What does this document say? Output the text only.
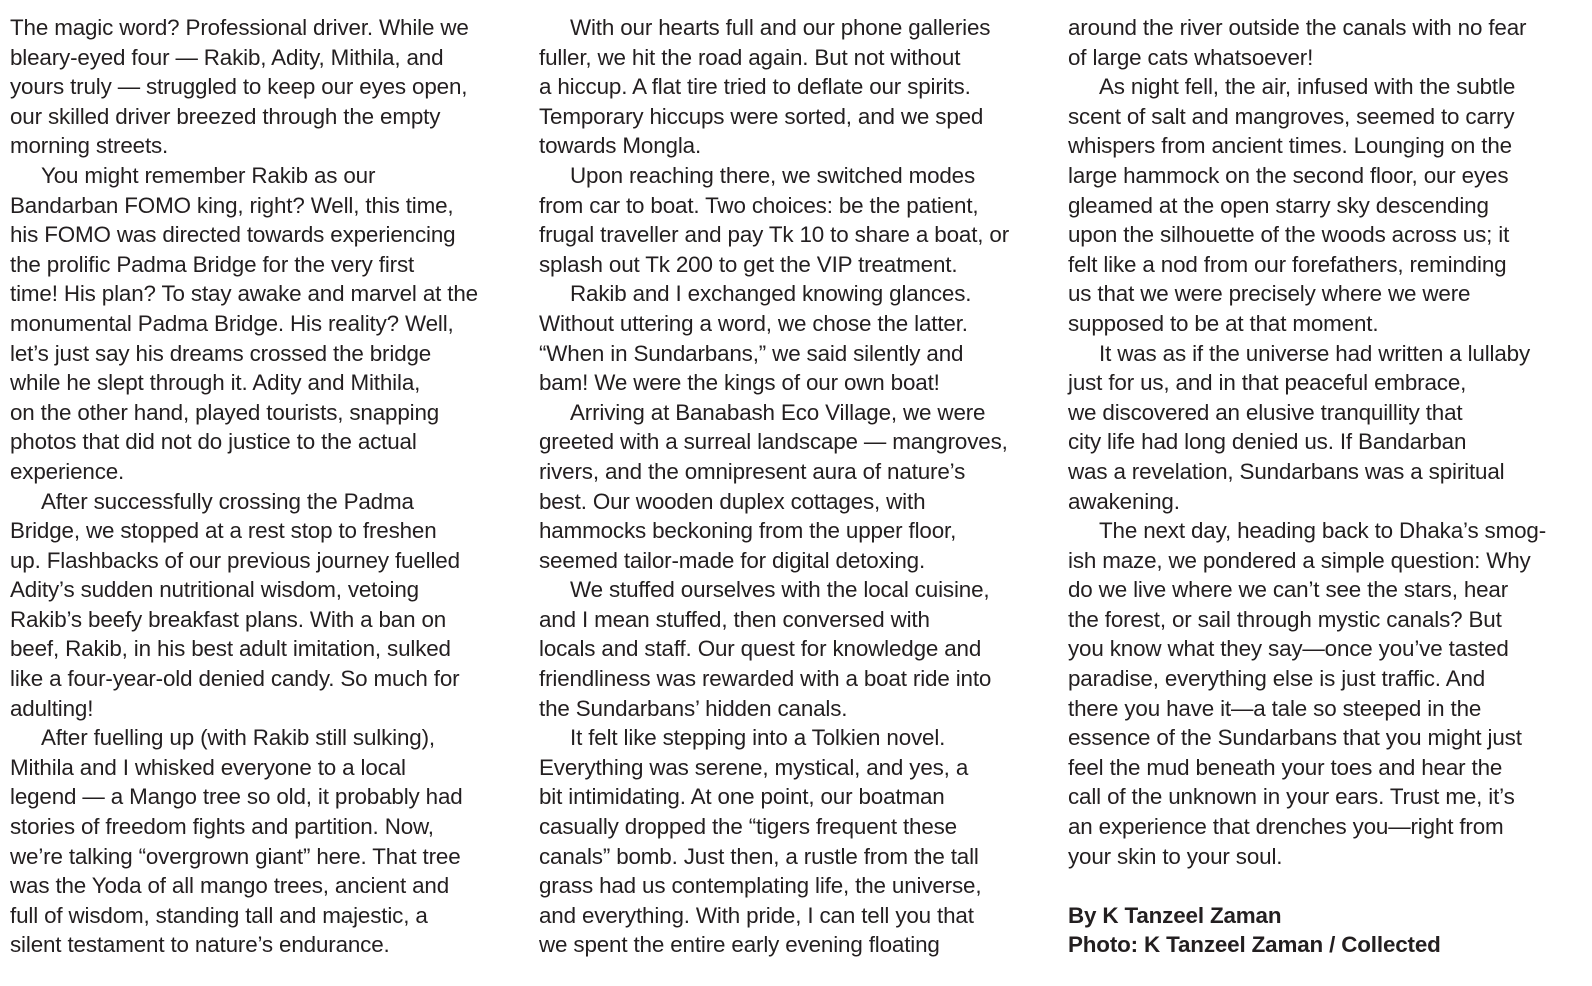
The magic word? Professional driver. While we
bleary-eyed four — Rakib, Adity, Mithila, and
yours truly — struggled to keep our eyes open,
our skilled driver breezed through the empty
morning streets.
You might remember Rakib as our
Bandarban FOMO king, right? Well, this time,
his FOMO was directed towards experiencing
the prolific Padma Bridge for the very first
time! His plan? To stay awake and marvel at the
monumental Padma Bridge. His reality? Well,
let’s just say his dreams crossed the bridge
while he slept through it. Adity and Mithila,
on the other hand, played tourists, snapping
photos that did not do justice to the actual
experience.
After successfully crossing the Padma
Bridge, we stopped at a rest stop to freshen
up. Flashbacks of our previous journey fuelled
Adity’s sudden nutritional wisdom, vetoing
Rakib’s beefy breakfast plans. With a ban on
beef, Rakib, in his best adult imitation, sulked
like a four-year-old denied candy. So much for
adulting!
After fuelling up (with Rakib still sulking),
Mithila and I whisked everyone to a local
legend — a Mango tree so old, it probably had
stories of freedom fights and partition. Now,
we’re talking “overgrown giant” here. That tree
was the Yoda of all mango trees, ancient and
full of wisdom, standing tall and majestic, a
silent testament to nature’s endurance.
With our hearts full and our phone galleries
fuller, we hit the road again. But not without
a hiccup. A flat tire tried to deflate our spirits.
Temporary hiccups were sorted, and we sped
towards Mongla.
Upon reaching there, we switched modes
from car to boat. Two choices: be the patient,
frugal traveller and pay Tk 10 to share a boat, or
splash out Tk 200 to get the VIP treatment.
Rakib and I exchanged knowing glances.
Without uttering a word, we chose the latter.
“When in Sundarbans,” we said silently and
bam! We were the kings of our own boat!
Arriving at Banabash Eco Village, we were
greeted with a surreal landscape — mangroves,
rivers, and the omnipresent aura of nature’s
best. Our wooden duplex cottages, with
hammocks beckoning from the upper floor,
seemed tailor-made for digital detoxing.
We stuffed ourselves with the local cuisine,
and I mean stuffed, then conversed with
locals and staff. Our quest for knowledge and
friendliness was rewarded with a boat ride into
the Sundarbans’ hidden canals.
It felt like stepping into a Tolkien novel.
Everything was serene, mystical, and yes, a
bit intimidating. At one point, our boatman
casually dropped the “tigers frequent these
canals” bomb. Just then, a rustle from the tall
grass had us contemplating life, the universe,
and everything. With pride, I can tell you that
we spent the entire early evening floating
around the river outside the canals with no fear
of large cats whatsoever!
As night fell, the air, infused with the subtle
scent of salt and mangroves, seemed to carry
whispers from ancient times. Lounging on the
large hammock on the second floor, our eyes
gleamed at the open starry sky descending
upon the silhouette of the woods across us; it
felt like a nod from our forefathers, reminding
us that we were precisely where we were
supposed to be at that moment.
It was as if the universe had written a lullaby
just for us, and in that peaceful embrace,
we discovered an elusive tranquillity that
city life had long denied us. If Bandarban
was a revelation, Sundarbans was a spiritual
awakening.
The next day, heading back to Dhaka’s smog-
ish maze, we pondered a simple question: Why
do we live where we can’t see the stars, hear
the forest, or sail through mystic canals? But
you know what they say—once you’ve tasted
paradise, everything else is just traffic. And
there you have it—a tale so steeped in the
essence of the Sundarbans that you might just
feel the mud beneath your toes and hear the
call of the unknown in your ears. Trust me, it’s
an experience that drenches you—right from
your skin to your soul.
By K Tanzeel Zaman
Photo: K Tanzeel Zaman / Collected
